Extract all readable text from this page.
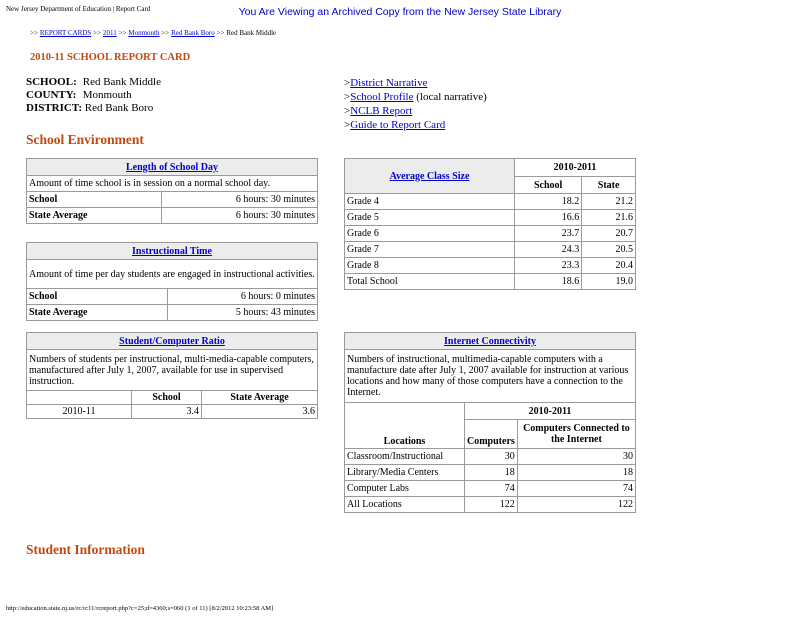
New Jersey Department of Education | Report Card	You Are Viewing an Archived Copy from the New Jersey State Library
>> REPORT CARDS >> 2011 >> Monmouth >> Red Bank Boro >> Red Bank Middle
2010-11 SCHOOL REPORT CARD
SCHOOL: Red Bank Middle
COUNTY: Monmouth
DISTRICT: Red Bank Boro
>District Narrative
>School Profile (local narrative)
>NCLB Report
>Guide to Report Card
School Environment
Length of School Day	
Amount of time school is in session on a normal school day.	
School	6 hours: 30 minutes
State Average	6 hours: 30 minutes
Instructional Time	
Amount of time per day students are engaged in instructional activities.	
School	6 hours: 0 minutes
State Average	5 hours: 43 minutes
Student/Computer Ratio		
Numbers of students per instructional, multi-media-capable computers, manufactured after July 1, 2007, available for use in supervised instruction.		
	School	State Average
2010-11	3.4	3.6
Average Class Size	2010-2011	
	School	State
Grade 4	18.2	21.2
Grade 5	16.6	21.6
Grade 6	23.7	20.7
Grade 7	24.3	20.5
Grade 8	23.3	20.4
Total School	18.6	19.0
Internet Connectivity		
Numbers of instructional, multimedia-capable computers with a manufacture date after July 1, 2007 available for instruction at various locations and how many of those computers have a connection to the Internet.		
Locations	2010-2011	
	Computers	Computers Connected to the Internet
Classroom/Instructional	30	30
Library/Media Centers	18	18
Computer Labs	74	74
All Locations	122	122
Student Information
http://education.state.nj.us/rc/rc11/rcreport.php?c=25;d=4360;s=060 (1 of 11) [8/2/2012 10:23:58 AM]
